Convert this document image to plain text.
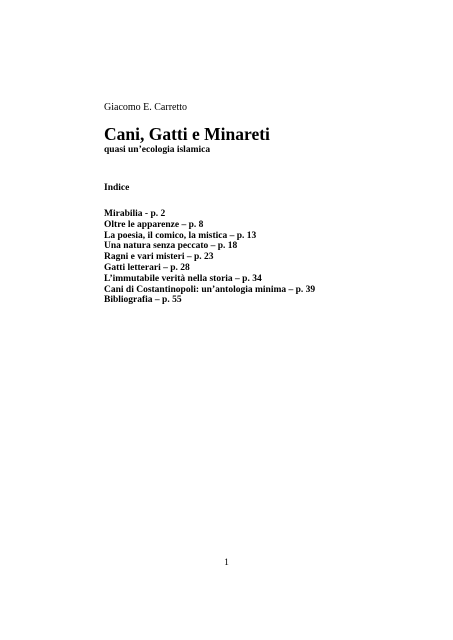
Giacomo E. Carretto
Cani, Gatti e Minareti
quasi un’ecologia islamica
Indice
Mirabilia - p. 2
Oltre le apparenze – p. 8
La poesia, il comico, la mistica – p. 13
Una natura senza peccato – p. 18
Ragni e vari misteri – p. 23
Gatti letterari – p. 28
L’immutabile verità nella storia – p. 34
Cani di Costantinopoli: un’antologia minima – p. 39
Bibliografia – p. 55
1
